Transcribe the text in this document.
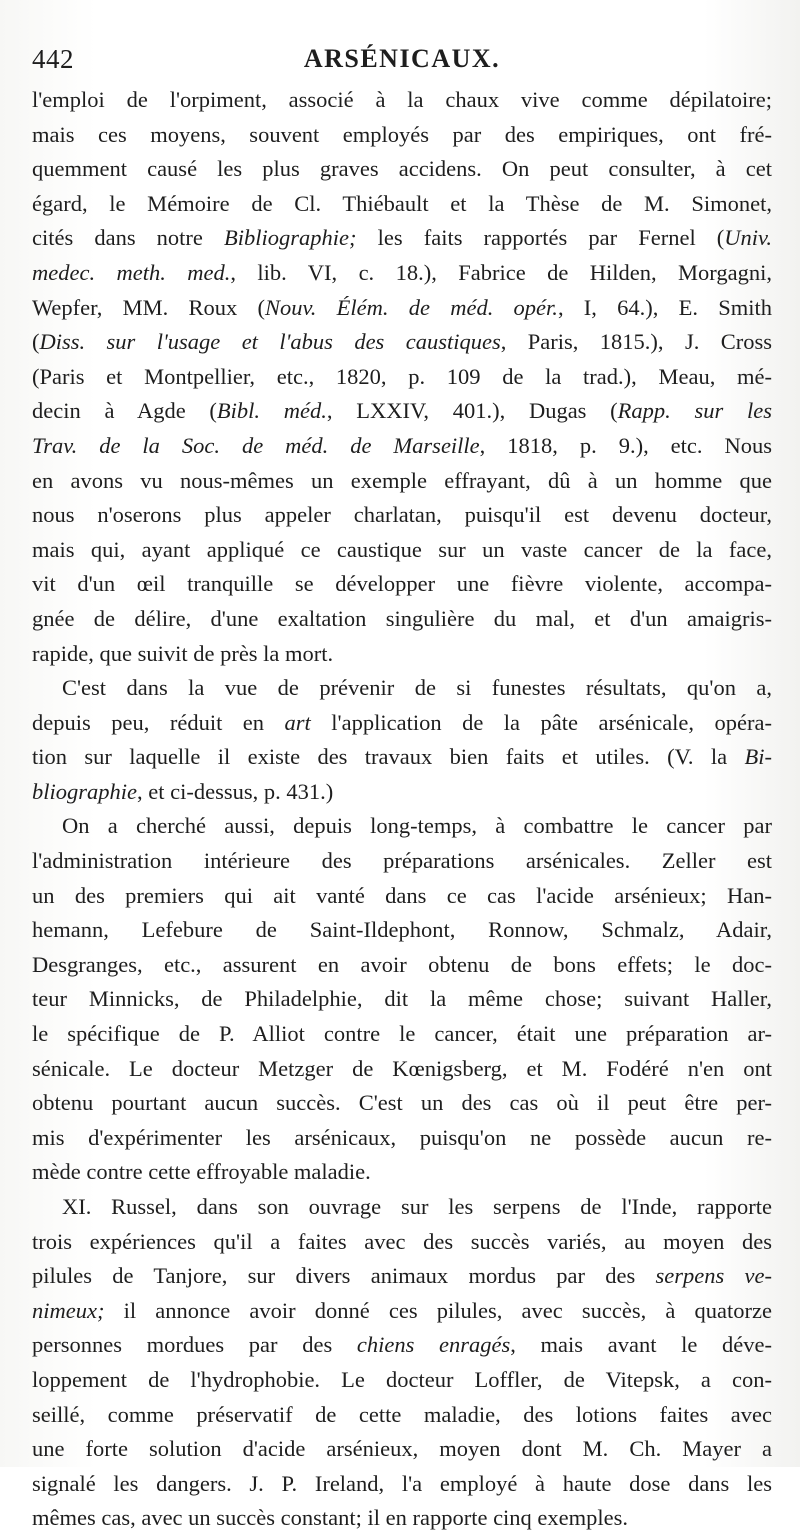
442	ARSÉNICAUX.
l'emploi de l'orpiment, associé à la chaux vive comme dépilatoire;
mais ces moyens, souvent employés par des empiriques, ont fré-
quemment causé les plus graves accidens. On peut consulter, à cet
égard, le Mémoire de Cl. Thiébault et la Thèse de M. Simonet,
cités dans notre Bibliographie; les faits rapportés par Fernel (Univ.
medec. meth. med., lib. VI, c. 18.), Fabrice de Hilden, Morgagni,
Wepfer, MM. Roux (Nouv. Élém. de méd. opér., I, 64.), E. Smith
(Diss. sur l'usage et l'abus des caustiques, Paris, 1815.), J. Cross
(Paris et Montpellier, etc., 1820, p. 109 de la trad.), Meau, mé-
decin à Agde (Bibl. méd., LXXIV, 401.), Dugas (Rapp. sur les
Trav. de la Soc. de méd. de Marseille, 1818, p. 9.), etc. Nous
en avons vu nous-mêmes un exemple effrayant, dû à un homme que
nous n'oserons plus appeler charlatan, puisqu'il est devenu docteur,
mais qui, ayant appliqué ce caustique sur un vaste cancer de la face,
vit d'un œil tranquille se développer une fièvre violente, accompa-
gnée de délire, d'une exaltation singulière du mal, et d'un amaigris-
rapide, que suivit de près la mort.
C'est dans la vue de prévenir de si funestes résultats, qu'on a,
depuis peu, réduit en art l'application de la pâte arsénicale, opéra-
tion sur laquelle il existe des travaux bien faits et utiles. (V. la Bi-
bliographie, et ci-dessus, p. 431.)
On a cherché aussi, depuis long-temps, à combattre le cancer par
l'administration intérieure des préparations arsénicales. Zeller est
un des premiers qui ait vanté dans ce cas l'acide arsénieux; Han-
hemann, Lefebure de Saint-Ildephont, Ronnow, Schmalz, Adair,
Desgranges, etc., assurent en avoir obtenu de bons effets; le doc-
teur Minnicks, de Philadelphie, dit la même chose; suivant Haller,
le spécifique de P. Alliot contre le cancer, était une préparation ar-
sénicale. Le docteur Metzger de Kœnigsberg, et M. Fodéré n'en ont
obtenu pourtant aucun succès. C'est un des cas où il peut être per-
mis d'expérimenter les arsénicaux, puisqu'on ne possède aucun re-
mède contre cette effroyable maladie.
XI. Russel, dans son ouvrage sur les serpens de l'Inde, rapporte
trois expériences qu'il a faites avec des succès variés, au moyen des
pilules de Tanjore, sur divers animaux mordus par des serpens ve-
nimeux; il annonce avoir donné ces pilules, avec succès, à quatorze
personnes mordues par des chiens enragés, mais avant le déve-
loppement de l'hydrophobie. Le docteur Loffler, de Vitepsk, a con-
seillé, comme préservatif de cette maladie, des lotions faites avec
une forte solution d'acide arsénieux, moyen dont M. Ch. Mayer a
signalé les dangers. J. P. Ireland, l'a employé à haute dose dans les
mêmes cas, avec un succès constant; il en rapporte cinq exemples.
